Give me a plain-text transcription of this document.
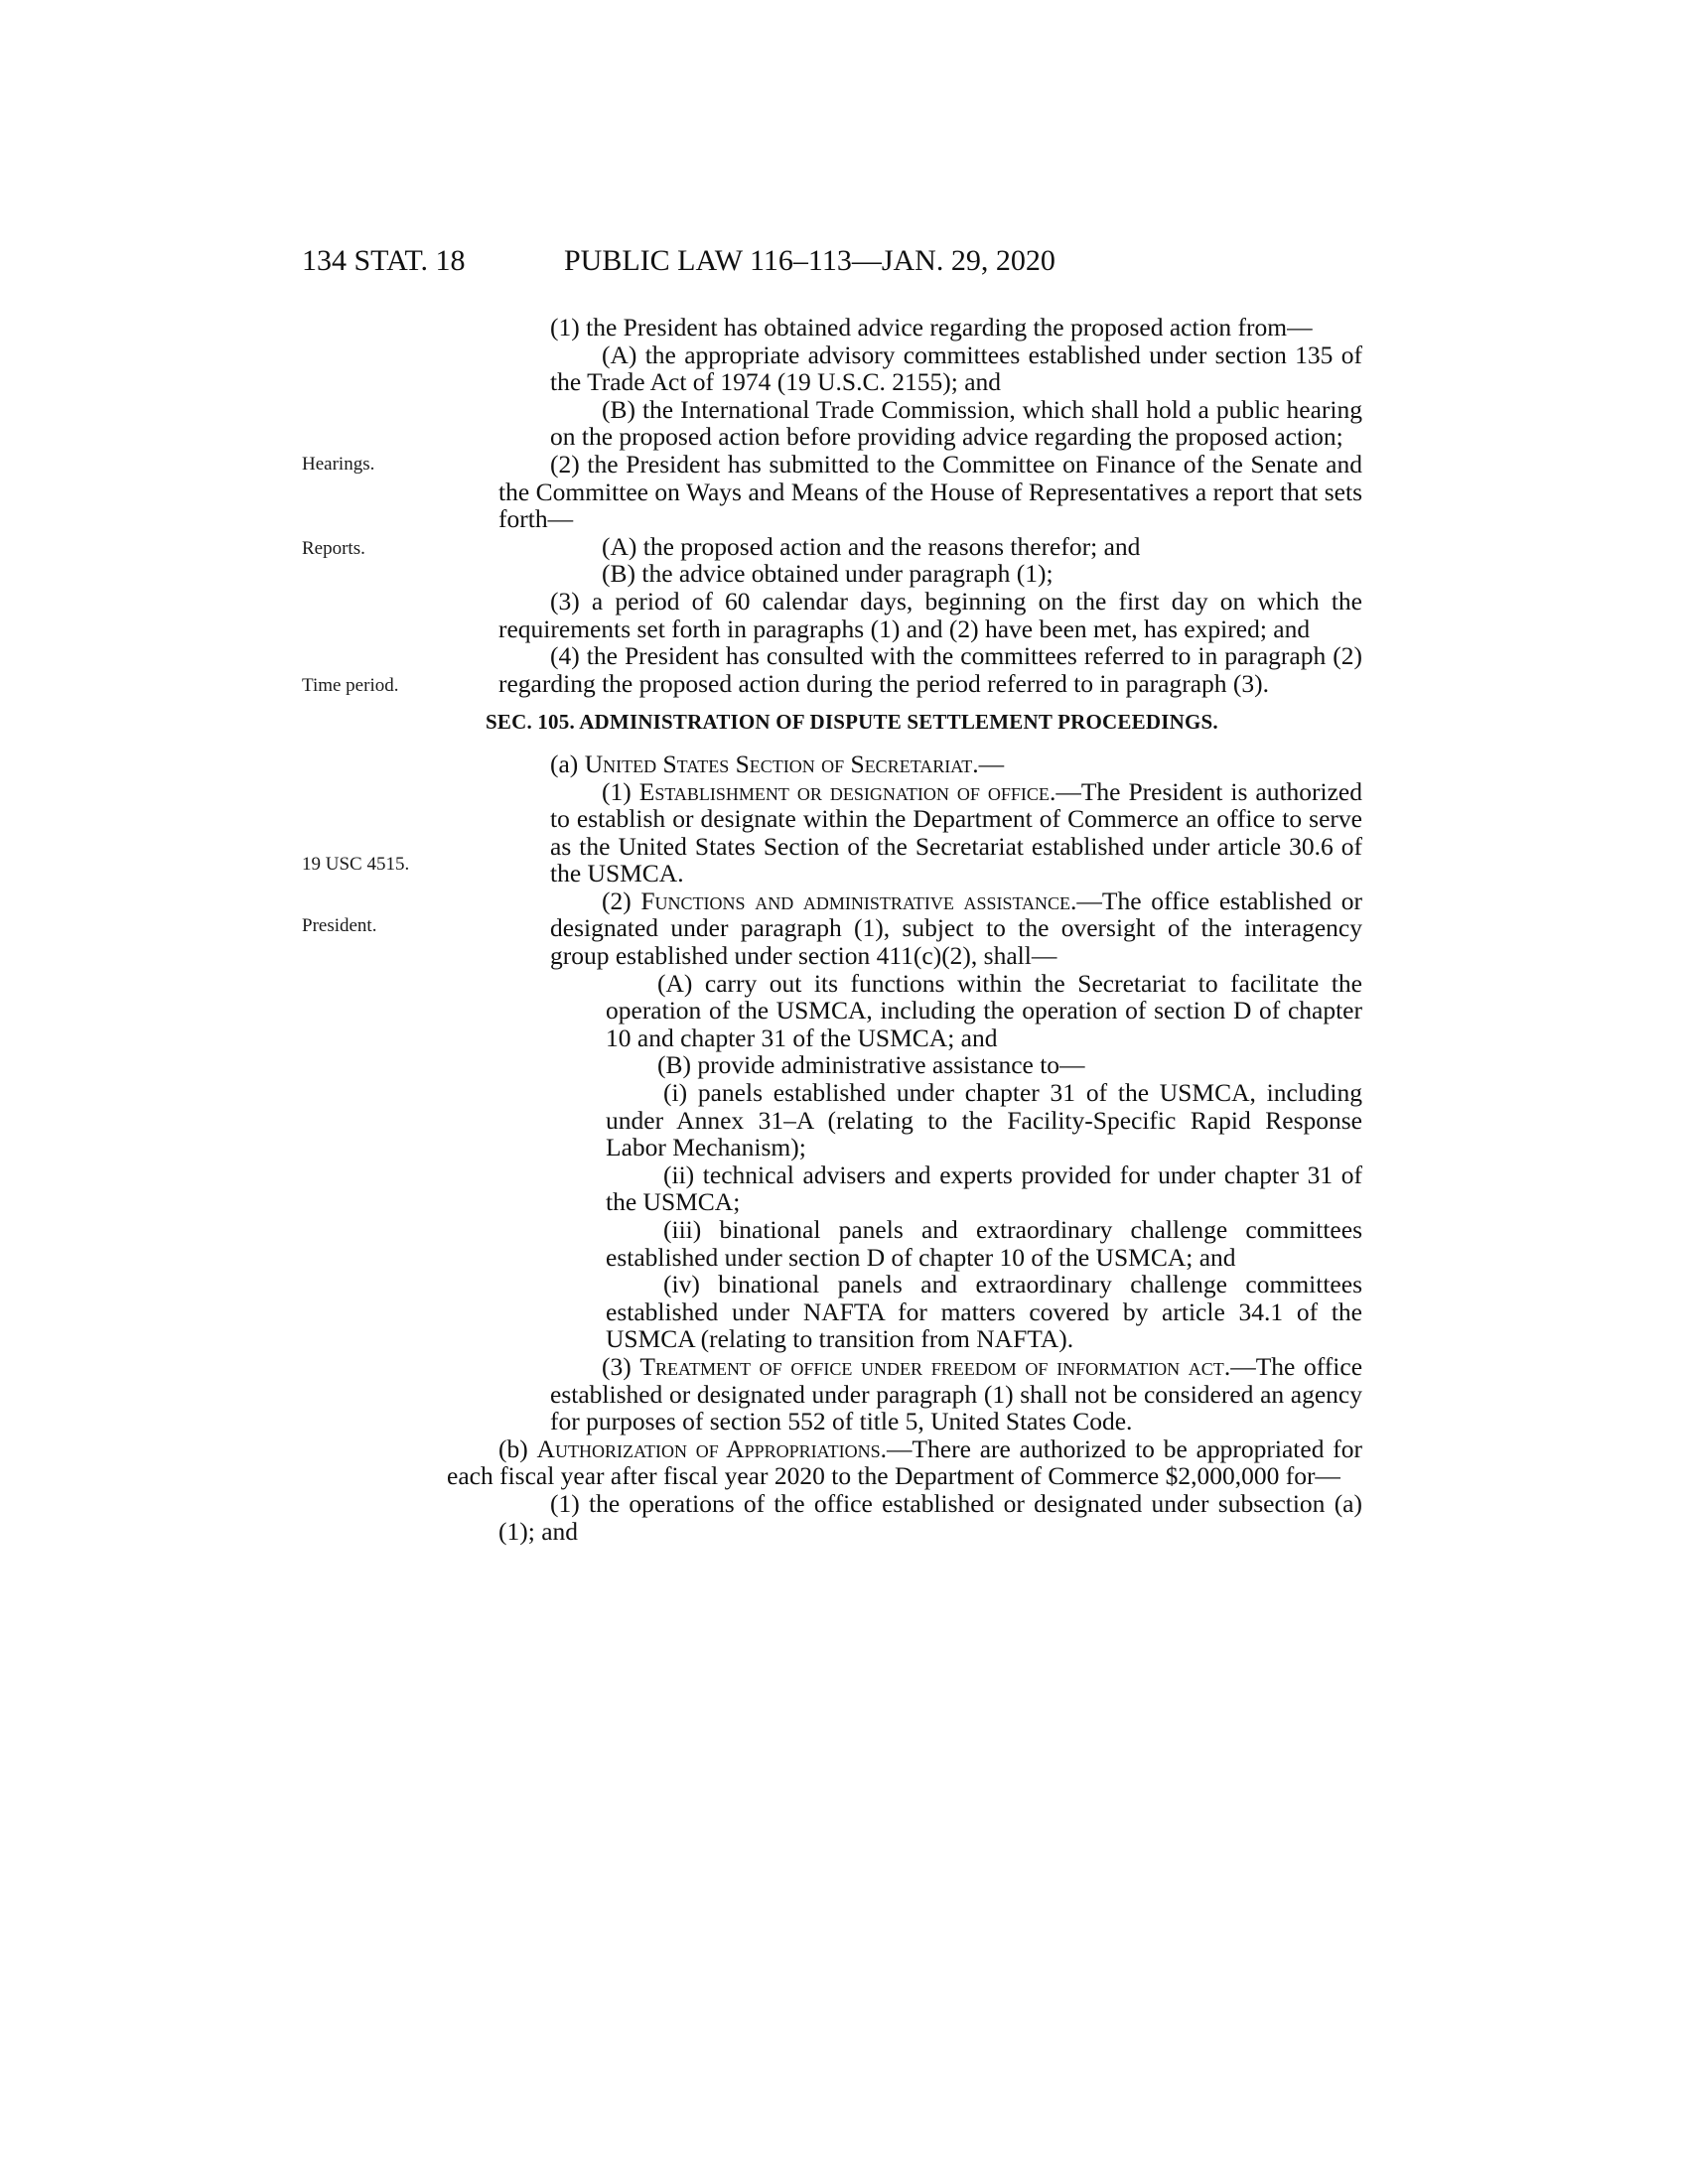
134 STAT. 18	PUBLIC LAW 116–113—JAN. 29, 2020
Hearings.
Reports.
Time period.
19 USC 4515.
President.

(1) the President has obtained advice regarding the proposed action from—

(A) the appropriate advisory committees established under section 135 of the Trade Act of 1974 (19 U.S.C. 2155); and

(B) the International Trade Commission, which shall hold a public hearing on the proposed action before providing advice regarding the proposed action;

(2) the President has submitted to the Committee on Finance of the Senate and the Committee on Ways and Means of the House of Representatives a report that sets forth—

(A) the proposed action and the reasons therefor; and

(B) the advice obtained under paragraph (1);

(3) a period of 60 calendar days, beginning on the first day on which the requirements set forth in paragraphs (1) and (2) have been met, has expired; and

(4) the President has consulted with the committees referred to in paragraph (2) regarding the proposed action during the period referred to in paragraph (3).

SEC. 105. ADMINISTRATION OF DISPUTE SETTLEMENT PROCEEDINGS.

(a) United States Section of Secretariat.—

(1) Establishment or designation of office.—The President is authorized to establish or designate within the Department of Commerce an office to serve as the United States Section of the Secretariat established under article 30.6 of the USMCA.

(2) Functions and administrative assistance.—The office established or designated under paragraph (1), subject to the oversight of the interagency group established under section 411(c)(2), shall—

(A) carry out its functions within the Secretariat to facilitate the operation of the USMCA, including the operation of section D of chapter 10 and chapter 31 of the USMCA; and

(B) provide administrative assistance to—

(i) panels established under chapter 31 of the USMCA, including under Annex 31–A (relating to the Facility-Specific Rapid Response Labor Mechanism);

(ii) technical advisers and experts provided for under chapter 31 of the USMCA;

(iii) binational panels and extraordinary challenge committees established under section D of chapter 10 of the USMCA; and

(iv) binational panels and extraordinary challenge committees established under NAFTA for matters covered by article 34.1 of the USMCA (relating to transition from NAFTA).

(3) Treatment of office under freedom of information act.—The office established or designated under paragraph (1) shall not be considered an agency for purposes of section 552 of title 5, United States Code.

(b) Authorization of Appropriations.—There are authorized to be appropriated for each fiscal year after fiscal year 2020 to the Department of Commerce $2,000,000 for—

(1) the operations of the office established or designated under subsection (a)(1); and
